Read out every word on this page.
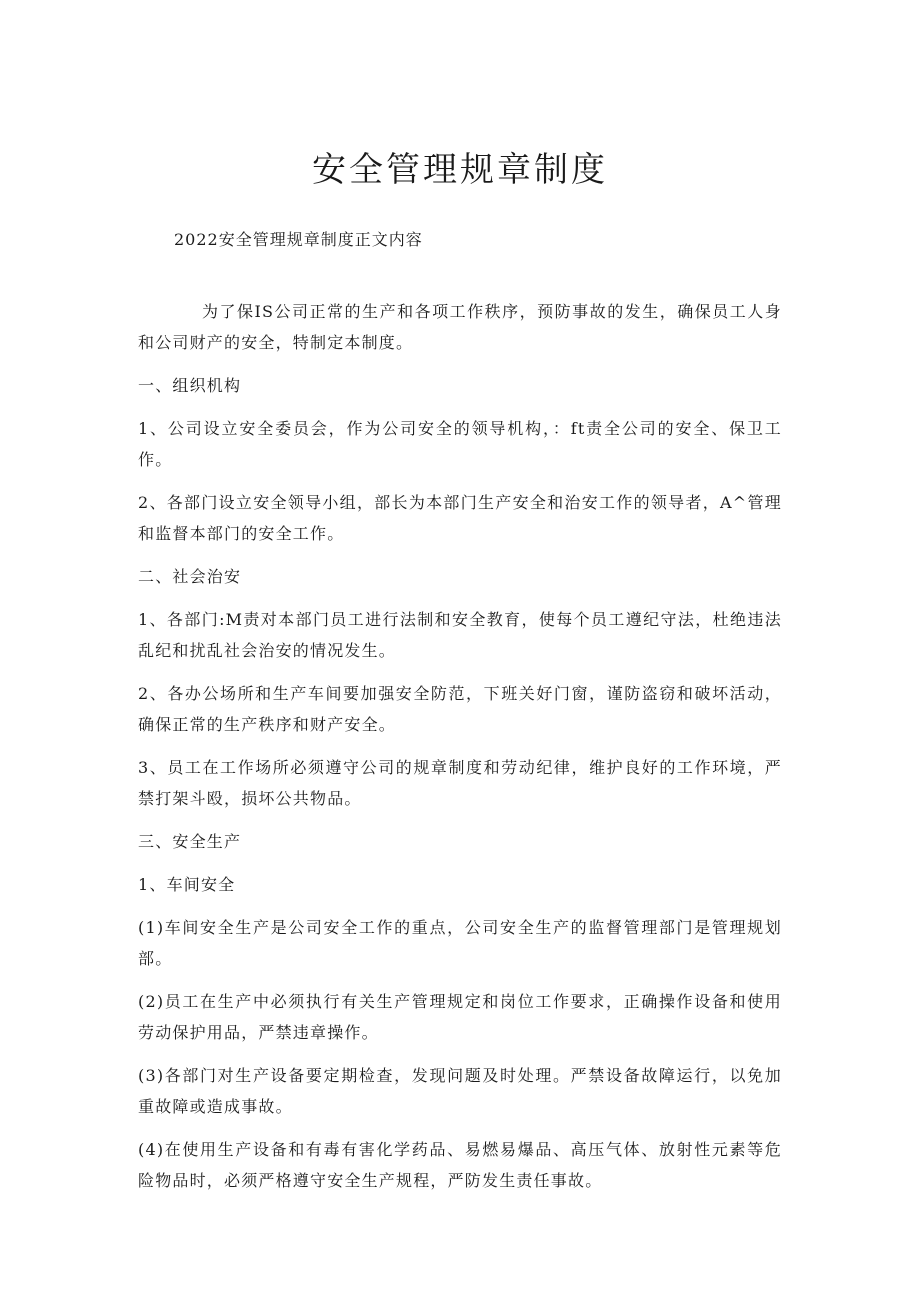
安全管理规章制度
2022安全管理规章制度正文内容

为了保IS公司正常的生产和各项工作秩序，预防事故的发生，确保员工人身和公司财产的安全，特制定本制度。

一、组织机构

1、公司设立安全委员会，作为公司安全的领导机构，：ft责全公司的安全、保卫工作。

2、各部门设立安全领导小组，部长为本部门生产安全和治安工作的领导者，A^管理和监督本部门的安全工作。

二、社会治安

1、各部门:M责对本部门员工进行法制和安全教育，使每个员工遵纪守法，杜绝违法乱纪和扰乱社会治安的情况发生。

2、各办公场所和生产车间要加强安全防范，下班关好门窗，谨防盗窃和破坏活动，确保正常的生产秩序和财产安全。

3、员工在工作场所必须遵守公司的规章制度和劳动纪律，维护良好的工作环境，严禁打架斗殴，损坏公共物品。

三、安全生产

1、车间安全

(1)车间安全生产是公司安全工作的重点，公司安全生产的监督管理部门是管理规划部。

(2)员工在生产中必须执行有关生产管理规定和岗位工作要求，正确操作设备和使用劳动保护用品，严禁违章操作。

(3)各部门对生产设备要定期检查，发现问题及时处理。严禁设备故障运行，以免加重故障或造成事故。

(4)在使用生产设备和有毒有害化学药品、易燃易爆品、高压气体、放射性元素等危险物品时，必须严格遵守安全生产规程，严防发生责任事故。
